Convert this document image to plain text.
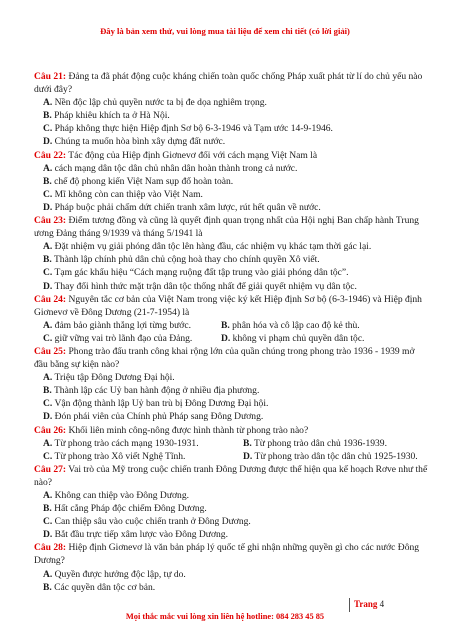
Đây là bản xem thử, vui lòng mua tài liệu để xem chi tiết (có lời giải)

Câu 21: Đảng ta đã phát động cuộc kháng chiến toàn quốc chống Pháp xuất phát từ lí do chủ yếu nào dưới đây?

A. Nền độc lập chủ quyền nước ta bị đe dọa nghiêm trọng.

B. Pháp khiêu khích ta ở Hà Nội.

C. Pháp không thực hiện Hiệp định Sơ bộ 6-3-1946 và Tạm ước 14-9-1946.

D. Chúng ta muốn hòa bình xây dựng đất nước.

Câu 22: Tác động của Hiệp định Giơnevơ đối với cách mạng Việt Nam là

A. cách mạng dân tộc dân chủ nhân dân hoàn thành trong cả nước.

B. chế độ phong kiến Việt Nam sụp đổ hoàn toàn.

C. Mĩ không còn can thiệp vào Việt Nam.

D. Pháp buộc phải chấm dứt chiến tranh xâm lược, rút hết quân về nước.

Câu 23: Điểm tương đồng và cũng là quyết định quan trọng nhất của Hội nghị Ban chấp hành Trung ương Đảng tháng 9/1939 và tháng 5/1941 là

A. Đặt nhiệm vụ giải phóng dân tộc lên hàng đầu, các nhiệm vụ khác tạm thời gác lại.

B. Thành lập chính phủ dân chủ cộng hoà thay cho chính quyền Xô viết.

C. Tạm gác khẩu hiệu “Cách mạng ruộng đất tập trung vào giải phóng dân tộc”.

D. Thay đổi hình thức mặt trận dân tộc thống nhất để giải quyết nhiệm vụ dân tộc.

Câu 24: Nguyên tắc cơ bản của Việt Nam trong việc ký kết Hiệp định Sơ bộ (6-3-1946) và Hiệp định Giơnevơ về Đông Dương (21-7-1954) là

A. đảm bảo giành thắng lợi từng bước.	B. phân hóa và cô lập cao độ kẻ thù.
C. giữ vững vai trò lãnh đạo của Đảng.	D. không vi phạm chủ quyền dân tộc.

Câu 25: Phong trào đấu tranh công khai rộng lớn của quần chúng trong phong trào 1936 - 1939 mở đầu bằng sự kiện nào?

A. Triệu tập Đông Dương Đại hội.

B. Thành lập các Uỷ ban hành động ở nhiều địa phương.

C. Vận động thành lập Uỷ ban trù bị Đông Dương Đại hội.

D. Đón phái viên của Chính phủ Pháp sang Đông Dương.

Câu 26: Khối liên minh công-nông được hình thành từ phong trào nào?

A. Từ phong trào cách mạng 1930-1931.	B. Từ phong trào dân chủ 1936-1939.
C. Từ phong trào Xô viết Nghệ Tĩnh.	D. Từ phong trào dân tộc dân chủ 1925-1930.

Câu 27: Vai trò của Mỹ trong cuộc chiến tranh Đông Dương được thể hiện qua kế hoạch Rơve như thế nào?

A. Không can thiệp vào Đông Dương.

B. Hất cẳng Pháp độc chiếm Đông Dương.

C. Can thiệp sâu vào cuộc chiến tranh ở Đông Dương.

D. Bắt đầu trực tiếp xâm lược vào Đông Dương.

Câu 28: Hiệp định Giơnevơ là văn bản pháp lý quốc tế ghi nhận những quyền gì cho các nước Đông Dương?

A. Quyền được hưởng độc lập, tự do.

B. Các quyền dân tộc cơ bản.

Trang 4
Mọi thắc mắc vui lòng xin liên hệ hotline: 084 283 45 85
